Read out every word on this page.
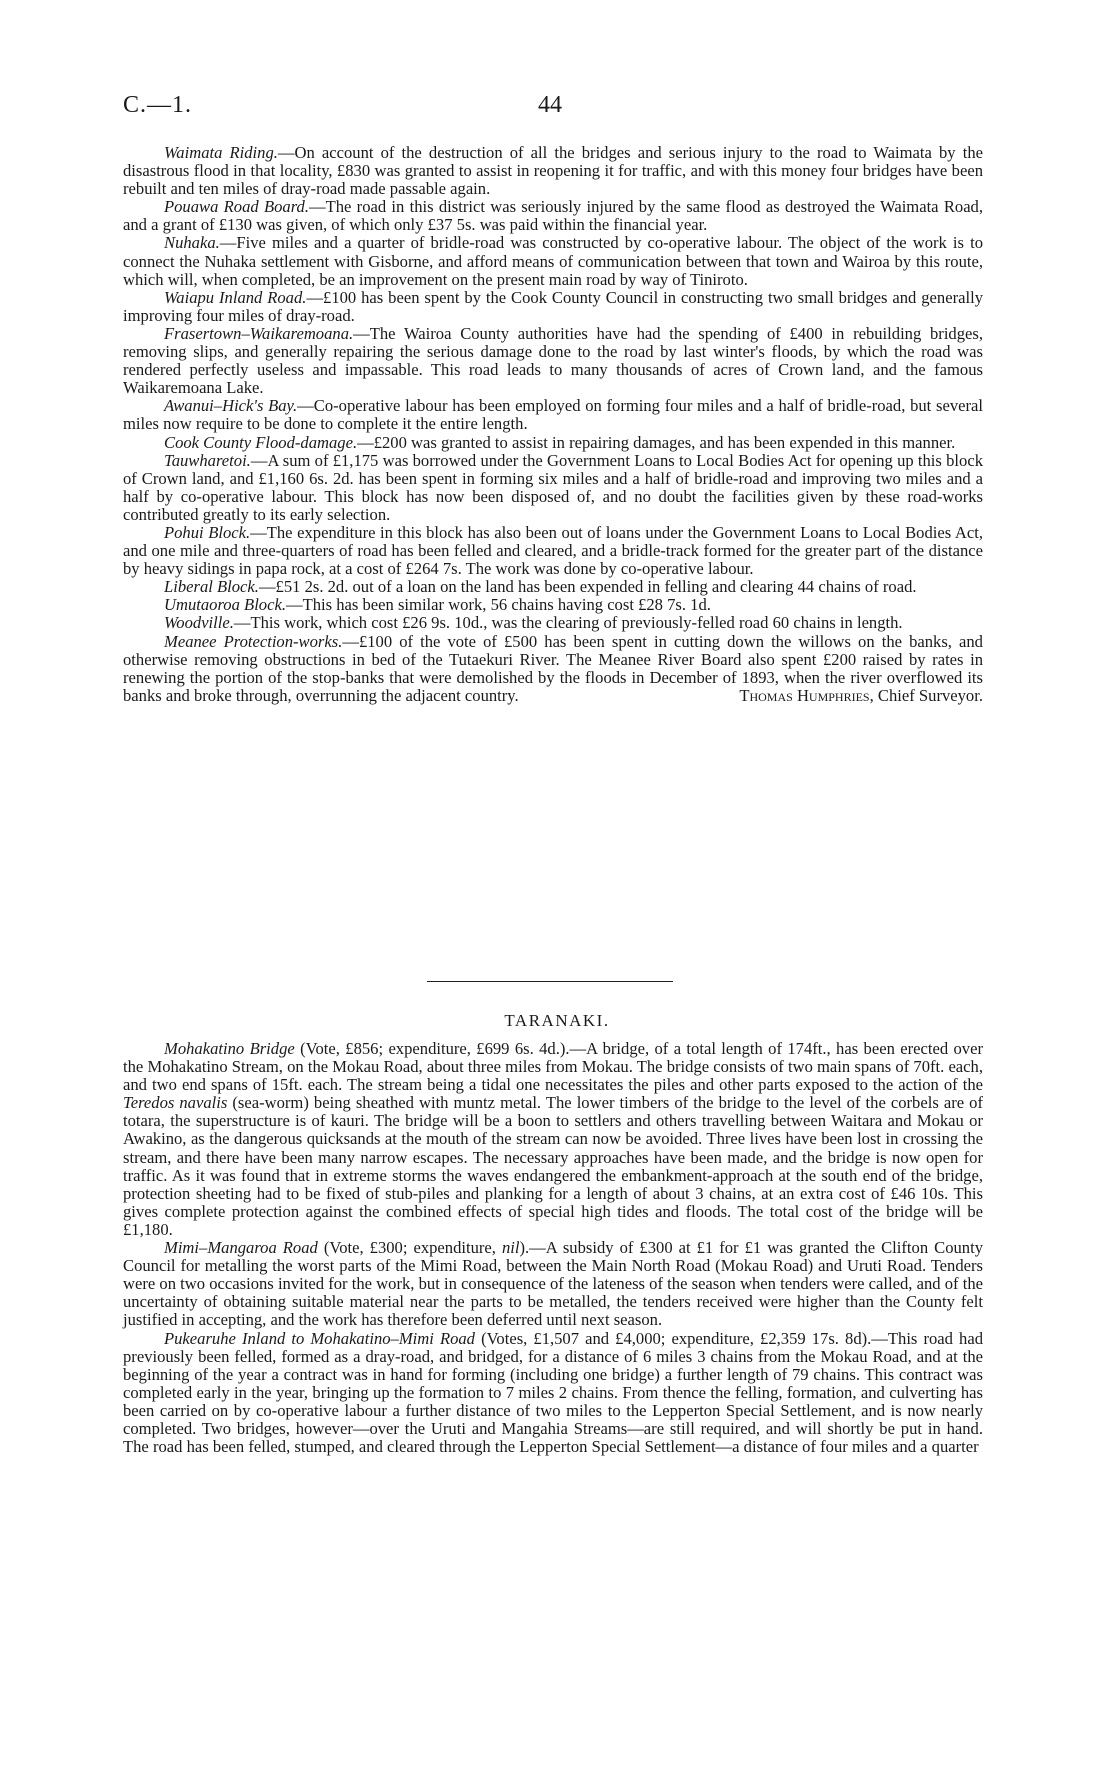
C.—1.	44

Waimata Riding.—On account of the destruction of all the bridges and serious injury to the road to Waimata by the disastrous flood in that locality, £830 was granted to assist in reopening it for traffic, and with this money four bridges have been rebuilt and ten miles of dray-road made passable again.

Pouawa Road Board.—The road in this district was seriously injured by the same flood as destroyed the Waimata Road, and a grant of £130 was given, of which only £37 5s. was paid within the financial year.

Nuhaka.—Five miles and a quarter of bridle-road was constructed by co-operative labour. The object of the work is to connect the Nuhaka settlement with Gisborne, and afford means of communication between that town and Wairoa by this route, which will, when completed, be an improvement on the present main road by way of Tiniroto.

Waiapu Inland Road.—£100 has been spent by the Cook County Council in constructing two small bridges and generally improving four miles of dray-road.

Frasertown–Waikaremoana.—The Wairoa County authorities have had the spending of £400 in rebuilding bridges, removing slips, and generally repairing the serious damage done to the road by last winter's floods, by which the road was rendered perfectly useless and impassable. This road leads to many thousands of acres of Crown land, and the famous Waikaremoana Lake.

Awanui–Hick's Bay.—Co-operative labour has been employed on forming four miles and a half of bridle-road, but several miles now require to be done to complete it the entire length.

Cook County Flood-damage.—£200 was granted to assist in repairing damages, and has been expended in this manner.

Tauwharetoi.—A sum of £1,175 was borrowed under the Government Loans to Local Bodies Act for opening up this block of Crown land, and £1,160 6s. 2d. has been spent in forming six miles and a half of bridle-road and improving two miles and a half by co-operative labour. This block has now been disposed of, and no doubt the facilities given by these road-works contributed greatly to its early selection.

Pohui Block.—The expenditure in this block has also been out of loans under the Government Loans to Local Bodies Act, and one mile and three-quarters of road has been felled and cleared, and a bridle-track formed for the greater part of the distance by heavy sidings in papa rock, at a cost of £264 7s. The work was done by co-operative labour.

Liberal Block.—£51 2s. 2d. out of a loan on the land has been expended in felling and clearing 44 chains of road.

Umutaoroa Block.—This has been similar work, 56 chains having cost £28 7s. 1d.

Woodville.—This work, which cost £26 9s. 10d., was the clearing of previously-felled road 60 chains in length.

Meanee Protection-works.—£100 of the vote of £500 has been spent in cutting down the willows on the banks, and otherwise removing obstructions in bed of the Tutaekuri River. The Meanee River Board also spent £200 raised by rates in renewing the portion of the stop-banks that were demolished by the floods in December of 1893, when the river overflowed its banks and broke through, overrunning the adjacent country.	Thomas Humphries, Chief Surveyor.

TARANAKI.

Mohakatino Bridge (Vote, £856; expenditure, £699 6s. 4d.).—A bridge, of a total length of 174ft., has been erected over the Mohakatino Stream, on the Mokau Road, about three miles from Mokau. The bridge consists of two main spans of 70ft. each, and two end spans of 15ft. each. The stream being a tidal one necessitates the piles and other parts exposed to the action of the Teredos navalis (sea-worm) being sheathed with muntz metal. The lower timbers of the bridge to the level of the corbels are of totara, the superstructure is of kauri. The bridge will be a boon to settlers and others travelling between Waitara and Mokau or Awakino, as the dangerous quicksands at the mouth of the stream can now be avoided. Three lives have been lost in crossing the stream, and there have been many narrow escapes. The necessary approaches have been made, and the bridge is now open for traffic. As it was found that in extreme storms the waves endangered the embankment-approach at the south end of the bridge, protection sheeting had to be fixed of stub-piles and planking for a length of about 3 chains, at an extra cost of £46 10s. This gives complete protection against the combined effects of special high tides and floods. The total cost of the bridge will be £1,180.

Mimi–Mangaroa Road (Vote, £300; expenditure, nil).—A subsidy of £300 at £1 for £1 was granted the Clifton County Council for metalling the worst parts of the Mimi Road, between the Main North Road (Mokau Road) and Uruti Road. Tenders were on two occasions invited for the work, but in consequence of the lateness of the season when tenders were called, and of the uncertainty of obtaining suitable material near the parts to be metalled, the tenders received were higher than the County felt justified in accepting, and the work has therefore been deferred until next season.

Pukearuhe Inland to Mohakatino–Mimi Road (Votes, £1,507 and £4,000; expenditure, £2,359 17s. 8d).—This road had previously been felled, formed as a dray-road, and bridged, for a distance of 6 miles 3 chains from the Mokau Road, and at the beginning of the year a contract was in hand for forming (including one bridge) a further length of 79 chains. This contract was completed early in the year, bringing up the formation to 7 miles 2 chains. From thence the felling, formation, and culverting has been carried on by co-operative labour a further distance of two miles to the Lepperton Special Settlement, and is now nearly completed. Two bridges, however—over the Uruti and Mangahia Streams—are still required, and will shortly be put in hand. The road has been felled, stumped, and cleared through the Lepperton Special Settlement—a distance of four miles and a quarter
